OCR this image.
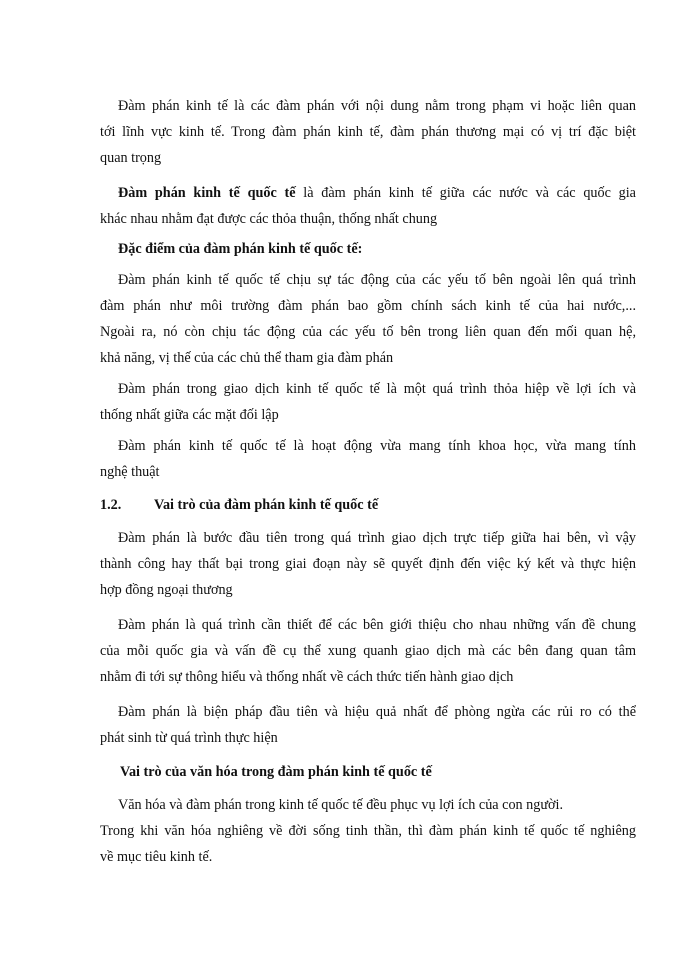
Đàm phán kinh tế là các đàm phán với nội dung nằm trong phạm vi hoặc liên quan
tới lĩnh vực kinh tế. Trong đàm phán kinh tế, đàm phán thương mại có vị trí đặc biệt
quan trọng
Đàm phán kinh tế quốc tế là đàm phán kinh tế giữa các nước và các quốc gia
khác nhau nhằm đạt được các thỏa thuận, thống nhất chung
Đặc điểm của đàm phán kinh tế quốc tế:
Đàm phán kinh tế quốc tế chịu sự tác động của các yếu tố bên ngoài lên quá trình
đàm phán như môi trường đàm phán bao gồm chính sách kinh tế của hai nước,...
Ngoài ra, nó còn chịu tác động của các yếu tố bên trong liên quan đến mối quan hệ,
khả năng, vị thế của các chủ thể tham gia đàm phán
Đàm phán trong giao dịch kinh tế quốc tế là một quá trình thỏa hiệp về lợi ích và
thống nhất giữa các mặt đối lập
Đàm phán kinh tế quốc tế là hoạt động vừa mang tính khoa học, vừa mang tính
nghệ thuật
1.2. Vai trò của đàm phán kinh tế quốc tế
Đàm phán là bước đầu tiên trong quá trình giao dịch trực tiếp giữa hai bên, vì vậy
thành công hay thất bại trong giai đoạn này sẽ quyết định đến việc ký kết và thực hiện
hợp đồng ngoại thương
Đàm phán là quá trình cần thiết để các bên giới thiệu cho nhau những vấn đề chung
của mỗi quốc gia và vấn đề cụ thể xung quanh giao dịch mà các bên đang quan tâm
nhằm đi tới sự thông hiểu và thống nhất về cách thức tiến hành giao dịch
Đàm phán là biện pháp đầu tiên và hiệu quả nhất để phòng ngừa các rủi ro có thể
phát sinh từ quá trình thực hiện
Vai trò của văn hóa trong đàm phán kinh tế quốc tế
Văn hóa và đàm phán trong kinh tế quốc tế đều phục vụ lợi ích của con người.
Trong khi văn hóa nghiêng về đời sống tinh thần, thì đàm phán kinh tế quốc tế nghiêng
về mục tiêu kinh tế.
